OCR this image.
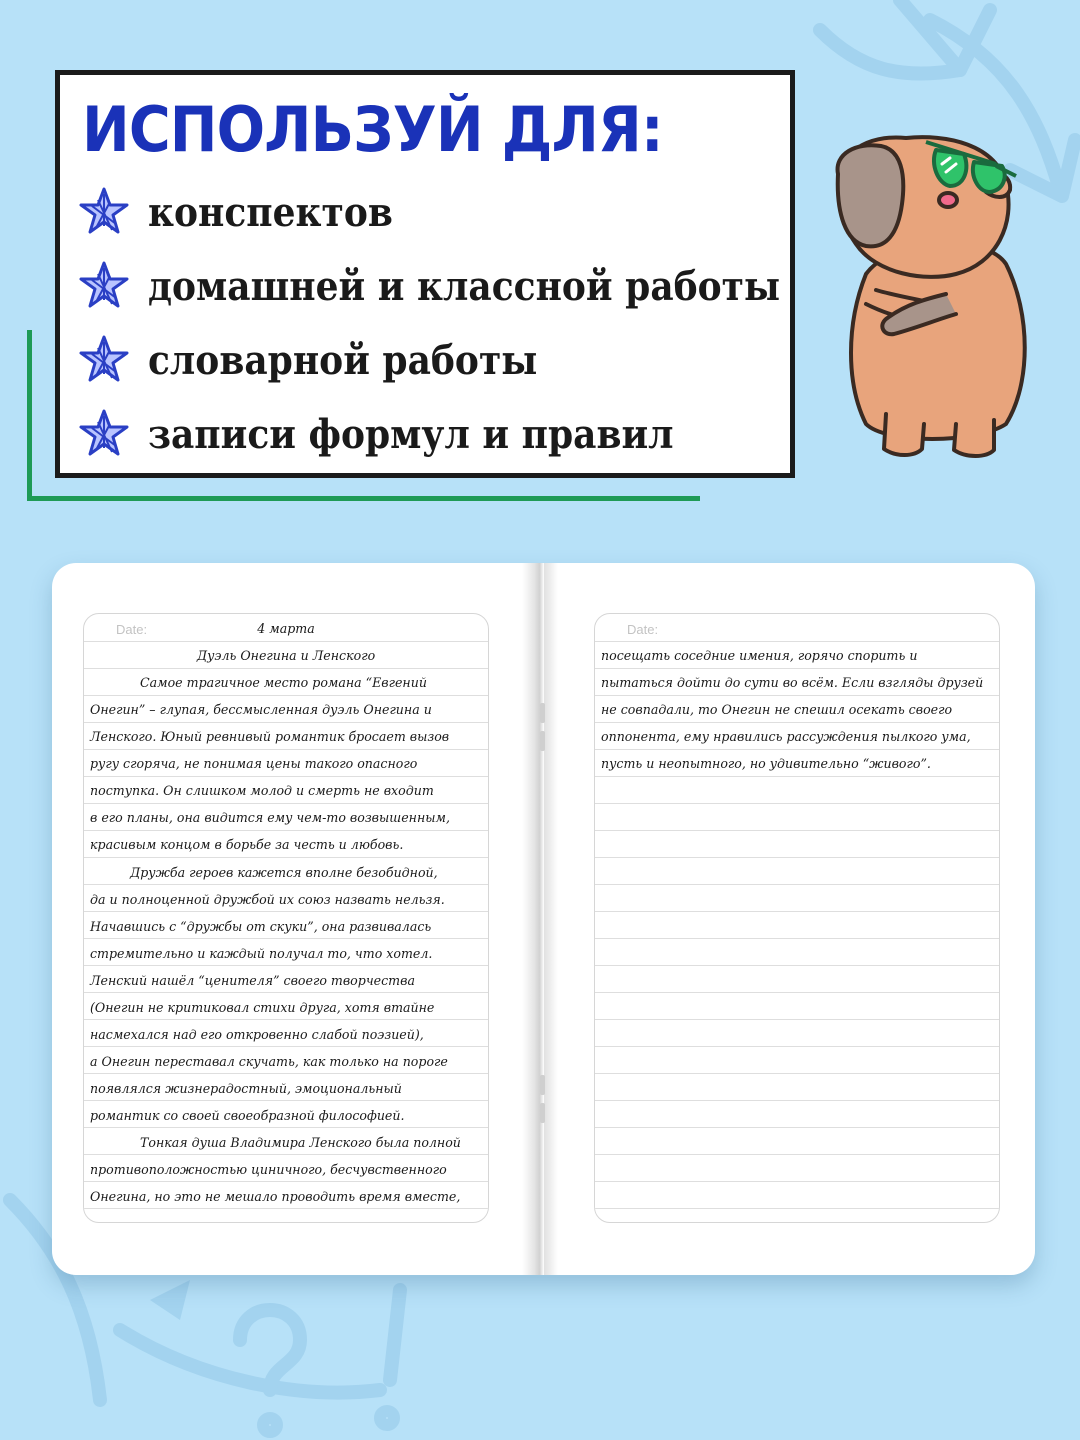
ИСПОЛЬЗУЙ ДЛЯ:
конспектов
домашней и классной работы
словарной работы
записи формул и правил
Date:	4 марта
Дуэль Онегина и Ленского
Самое трагичное место романа “Евгений
Онегин” – глупая, бессмысленная дуэль Онегина и
Ленского. Юный ревнивый романтик бросает вызов
ругу сгоряча, не понимая цены такого опасного
поступка. Он слишком молод и смерть не входит
в его планы, она видится ему чем-то возвышенным,
красивым концом в борьбе за честь и любовь.
Дружба героев кажется вполне безобидной,
да и полноценной дружбой их союз назвать нельзя.
Начавшись с “дружбы от скуки”, она развивалась
стремительно и каждый получал то, что хотел.
Ленский нашёл “ценителя” своего творчества
(Онегин не критиковал стихи друга, хотя втайне
насмехался над его откровенно слабой поэзией),
а Онегин переставал скучать, как только на пороге
появлялся жизнерадостный, эмоциональный
романтик со своей своеобразной философией.
Тонкая душа Владимира Ленского была полной
противоположностью циничного, бесчувственного
Онегина, но это не мешало проводить время вместе,
Date:
посещать соседние имения, горячо спорить и
пытаться дойти до сути во всём. Если взгляды друзей
не совпадали, то Онегин не спешил осекать своего
оппонента, ему нравились рассуждения пылкого ума,
пусть и неопытного, но удивительно “живого”.
